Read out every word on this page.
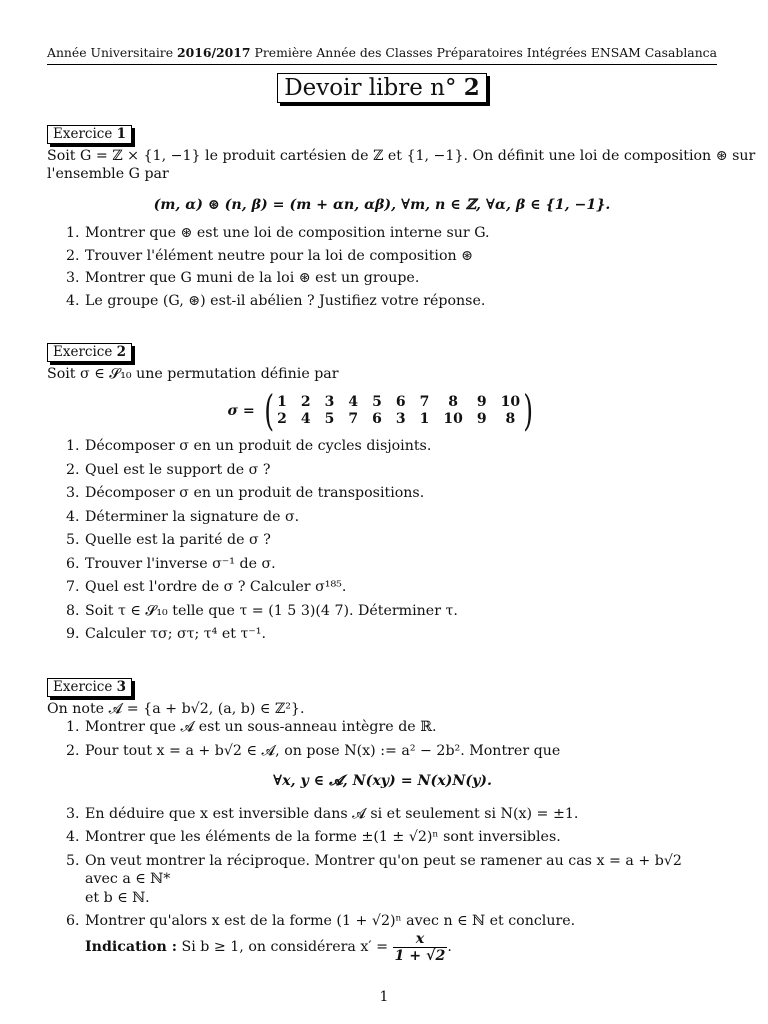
Année Universitaire 2016/2017 Première Année des Classes Préparatoires Intégrées ENSAM Casablanca
Devoir libre n° 2
Exercice 1

Soit G = ℤ × {1, −1} le produit cartésien de ℤ et {1, −1}. On définit une loi de composition ⊛ sur

l'ensemble G par

(m, α) ⊛ (n, β) = (m + αn, αβ), ∀m, n ∈ ℤ, ∀α, β ∈ {1, −1}.

1. Montrer que ⊛ est une loi de composition interne sur G.
2. Trouver l'élément neutre pour la loi de composition ⊛
3. Montrer que G muni de la loi ⊛ est un groupe.
4. Le groupe (G, ⊛) est-il abélien ? Justifiez votre réponse.
Exercice 2

Soit σ ∈ 𝓢₁₀ une permutation définie par

σ = ( 1 2 3 4 5 6 7	8	9 10
2 4 5 7 6 3 1 10 9	8 )
1. Décomposer σ en un produit de cycles disjoints.
2. Quel est le support de σ ?
3. Décomposer σ en un produit de transpositions.
4. Déterminer la signature de σ.
5. Quelle est la parité de σ ?
6. Trouver l'inverse σ⁻¹ de σ.
7. Quel est l'ordre de σ ? Calculer σ¹⁸⁵.
8. Soit τ ∈ 𝓢₁₀ telle que τ = (1 5 3)(4 7). Déterminer τ.
9. Calculer τσ; στ; τ⁴ et τ⁻¹.
Exercice 3

On note 𝓐 = {a + b√2, (a, b) ∈ ℤ²}.

1. Montrer que 𝓐 est un sous-anneau intègre de ℝ.
2. Pour tout x = a + b√2 ∈ 𝓐, on pose N(x) := a² − 2b². Montrer que
∀x, y ∈ 𝓐, N(xy) = N(x)N(y).
3. En déduire que x est inversible dans 𝓐 si et seulement si N(x) = ±1.
4. Montrer que les éléments de la forme ±(1 ± √2)ⁿ sont inversibles.
5. On veut montrer la réciproque. Montrer qu'on peut se ramener au cas x = a + b√2 avec a ∈ ℕ*
et b ∈ ℕ.
6. Montrer qu'alors x est de la forme (1 + √2)ⁿ avec n ∈ ℕ et conclure.

Indication :
Si b ≥ 1, on considérera x′ =
$\frac{x}{1 + √2}$ .
1
